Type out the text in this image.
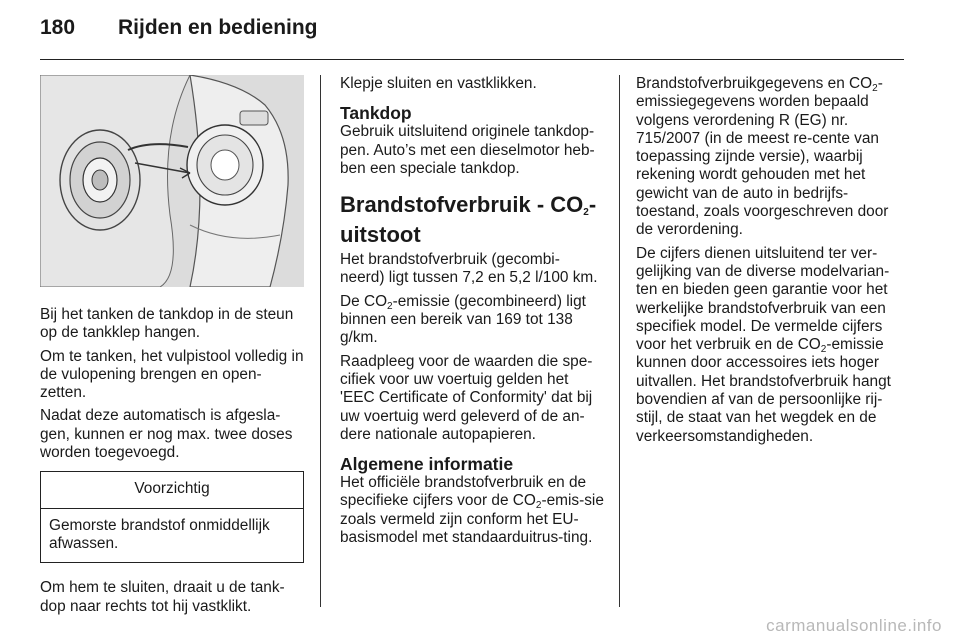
180 Rijden en bediening

Bij het tanken de tankdop in de steun op de tankklep hangen.

Om te tanken, het vulpistool volledig in de vulopening brengen en open-zetten.

Nadat deze automatisch is afgesla-gen, kunnen er nog max. twee doses worden toegevoegd.

Voorzichtig
Gemorste brandstof onmiddellijk afwassen.

Om hem te sluiten, draait u de tank-dop naar rechts tot hij vastklikt.

Klepje sluiten en vastklikken.

Tankdop

Gebruik uitsluitend originele tankdop-pen. Auto’s met een dieselmotor heb-ben een speciale tankdop.

Brandstofverbruik - $CO_2$-uitstoot

Het brandstofverbruik (gecombi-neerd) ligt tussen 7,2 en 5,2 l/100 km.

De $CO_2$-emissie (gecombineerd) ligt binnen een bereik van 169 tot 138 g/km.

Raadpleeg voor de waarden die spe-cifiek voor uw voertuig gelden het 'EEC Certificate of Conformity' dat bij uw voertuig werd geleverd of de an-dere nationale autopapieren.

Algemene informatie

Het officiële brandstofverbruik en de specifieke cijfers voor de $CO_2-emis$-sie zoals vermeld zijn conform het EU-basismodel met standaarduitrus-ting.

Brandstofverbruikgegevens en $CO_2$-emissiegegevens worden bepaald volgens verordening R (EG) nr. 715/2007 (in de meest re-cente van toepassing zijnde versie), waarbij rekening wordt gehouden met het gewicht van de auto in bedrijfs-toestand, zoals voorgeschreven door de verordening.

De cijfers dienen uitsluitend ter ver-gelijking van de diverse modelvarian-ten en bieden geen garantie voor het werkelijke brandstofverbruik van een specifiek model. De vermelde cijfers voor het verbruik en de $CO_2$-emissie kunnen door accessoires iets hoger uitvallen. Het brandstofverbruik hangt bovendien af van de persoonlijke rij-stijl, de staat van het wegdek en de verkeersomstandigheden.

carmanualsonline.info
